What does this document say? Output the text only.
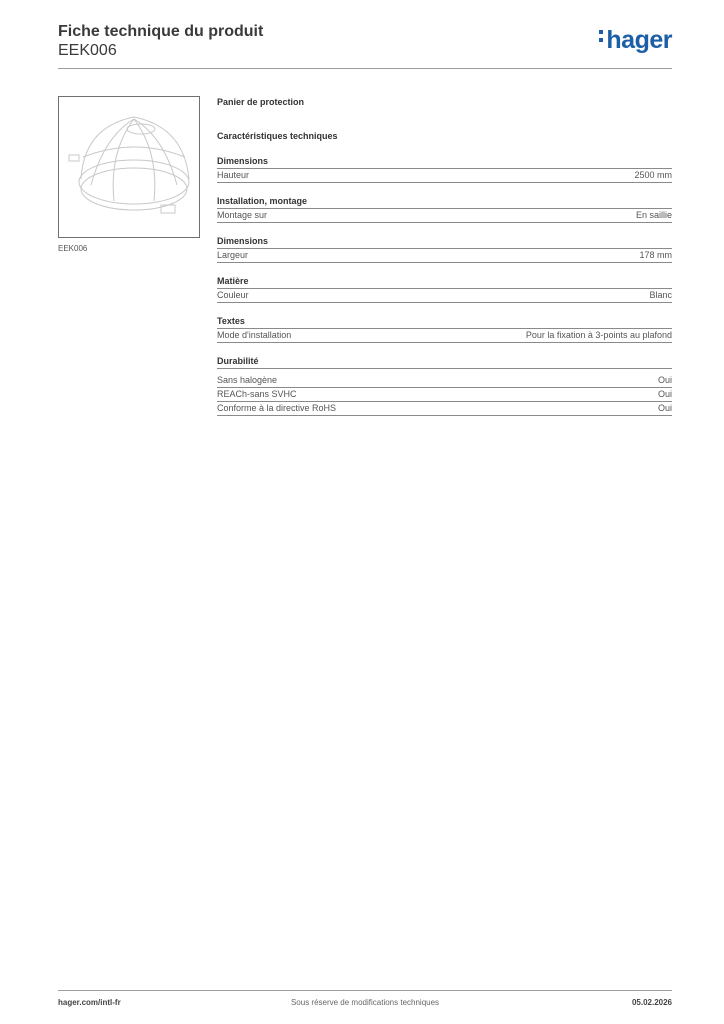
Fiche technique du produit
EEK006	hager
EEK006
Panier de protection
Caractéristiques techniques
Dimensions
Hauteur	2500 mm
Installation, montage
Montage sur	En saillie
Dimensions
Largeur	178 mm
Matière
Couleur	Blanc
Textes
Mode d'installation	Pour la fixation à 3-points au plafond
Durabilité
Sans halogène	Oui
REACh-sans SVHC	Oui
Conforme à la directive RoHS	Oui
hager.com/intl-fr	Sous réserve de modifications techniques	05.02.2026
